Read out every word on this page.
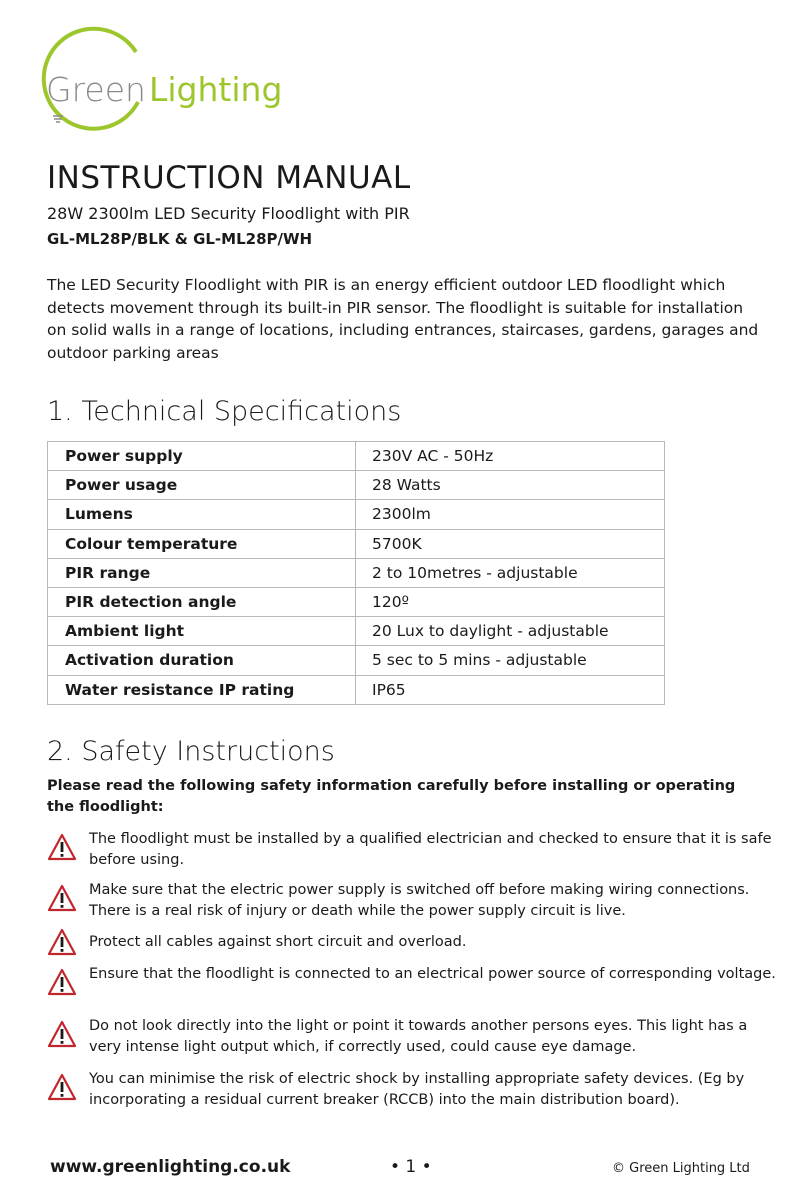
Green Lighting
INSTRUCTION MANUAL
28W 2300lm LED Security Floodlight with PIR
GL-ML28P/BLK & GL-ML28P/WH
The LED Security Floodlight with PIR is an energy efficient outdoor LED floodlight which detects movement through its built-in PIR sensor. The floodlight is suitable for installation on solid walls in a range of locations, including entrances, staircases, gardens, garages and outdoor parking areas
1. Technical Specifications
Power supply	230V AC - 50Hz
Power usage	28 Watts
Lumens	2300lm
Colour temperature	5700K
PIR range	2 to 10metres - adjustable
PIR detection angle	120º
Ambient light	20 Lux to daylight - adjustable
Activation duration	5 sec to 5 mins - adjustable
Water resistance IP rating	IP65
2. Safety Instructions
Please read the following safety information carefully before installing or operating the floodlight:
The floodlight must be installed by a qualified electrician and checked to ensure that it is safe before using.
Make sure that the electric power supply is switched off before making wiring connections. There is a real risk of injury or death while the power supply circuit is live.
Protect all cables against short circuit and overload.
Ensure that the floodlight is connected to an electrical power source of corresponding voltage.
Do not look directly into the light or point it towards another persons eyes. This light has a very intense light output which, if correctly used, could cause eye damage.
You can minimise the risk of electric shock by installing appropriate safety devices. (Eg by incorporating a residual current breaker (RCCB) into the main distribution board).
www.greenlighting.co.uk	• 1 •	© Green Lighting Ltd
